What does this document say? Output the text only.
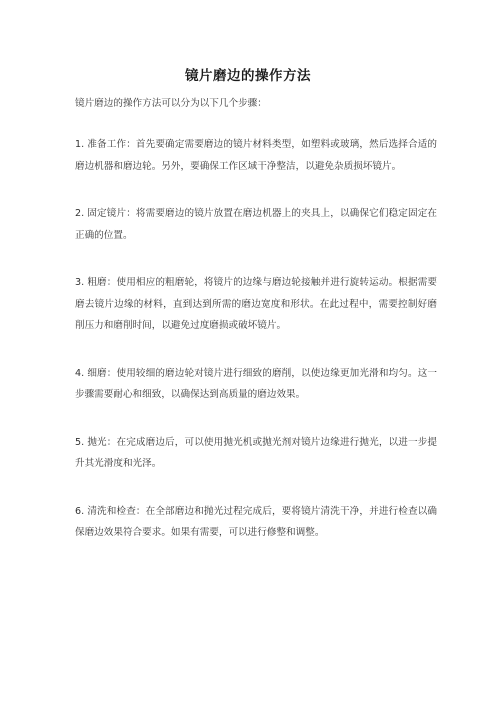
镜片磨边的操作方法

镜片磨边的操作方法可以分为以下几个步骤：

1. 准备工作：首先要确定需要磨边的镜片材料类型，如塑料或玻璃，然后选择合适的磨边机器和磨边轮。另外，要确保工作区域干净整洁，以避免杂质损坏镜片。

2. 固定镜片：将需要磨边的镜片放置在磨边机器上的夹具上，以确保它们稳定固定在正确的位置。

3. 粗磨：使用相应的粗磨轮，将镜片的边缘与磨边轮接触并进行旋转运动。根据需要磨去镜片边缘的材料，直到达到所需的磨边宽度和形状。在此过程中，需要控制好磨削压力和磨削时间，以避免过度磨损或破坏镜片。

4. 细磨：使用较细的磨边轮对镜片进行细致的磨削，以使边缘更加光滑和均匀。这一步骤需要耐心和细致，以确保达到高质量的磨边效果。

5. 抛光：在完成磨边后，可以使用抛光机或抛光剂对镜片边缘进行抛光，以进一步提升其光滑度和光泽。

6. 清洗和检查：在全部磨边和抛光过程完成后，要将镜片清洗干净，并进行检查以确保磨边效果符合要求。如果有需要，可以进行修整和调整。
